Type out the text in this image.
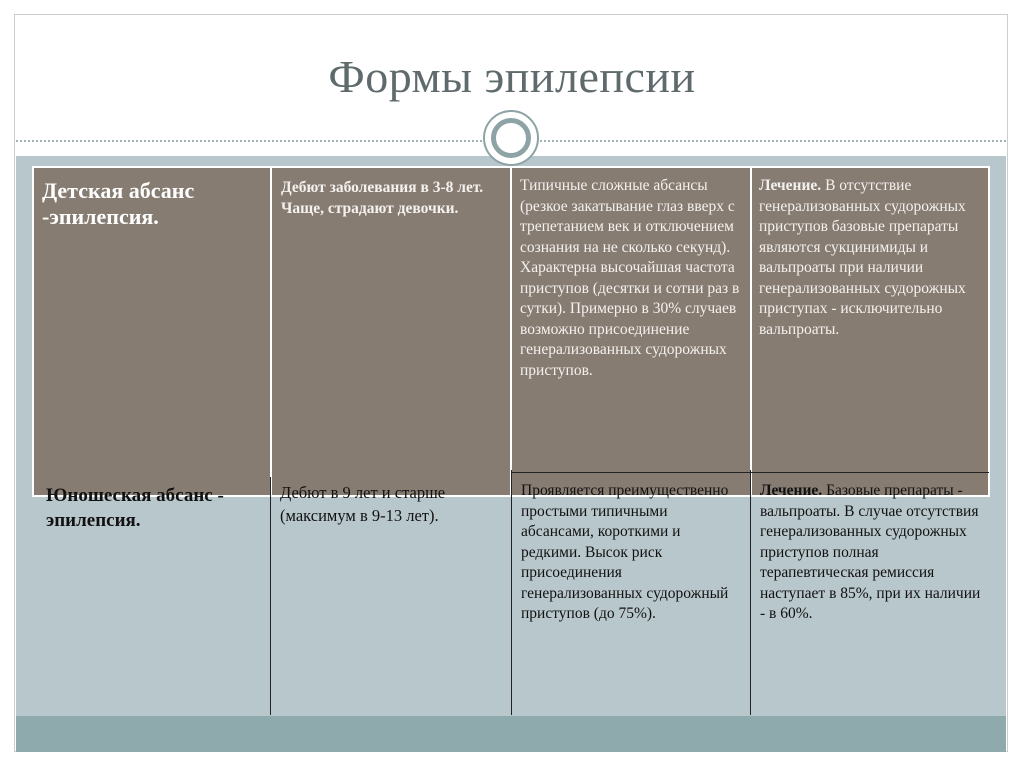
Формы эпилепсии
Детская абсанс -эпилепсия.
Дебют заболевания в 3-8 лет. Чаще, страдают девочки.
Типичные сложные абсансы (резкое закатывание глаз вверх с трепетанием век и отключением сознания на не сколько секунд). Характерна высочайшая частота приступов (десятки и сотни раз в сутки). Примерно в 30% случаев возможно присоединение генерализованных судорожных приступов.
Лечение. В отсутствие генерализованных судорожных приступов базовые препараты являются сукцинимиды и вальпроаты при наличии генерализованных судорожных приступах - исключительно вальпроаты.
Юношеская абсанс - эпилепсия.
Дебют в 9 лет и старше (максимум в 9-13 лет).
Проявляется преимущественно простыми типичными абсансами, короткими и редкими. Высок риск присоединения генерализованных судорожный приступов (до 75%).
Лечение. Базовые препараты - вальпроаты. В случае отсутствия генерализованных судорожных приступов полная терапевтическая ремиссия наступает в 85%, при их наличии - в 60%.
